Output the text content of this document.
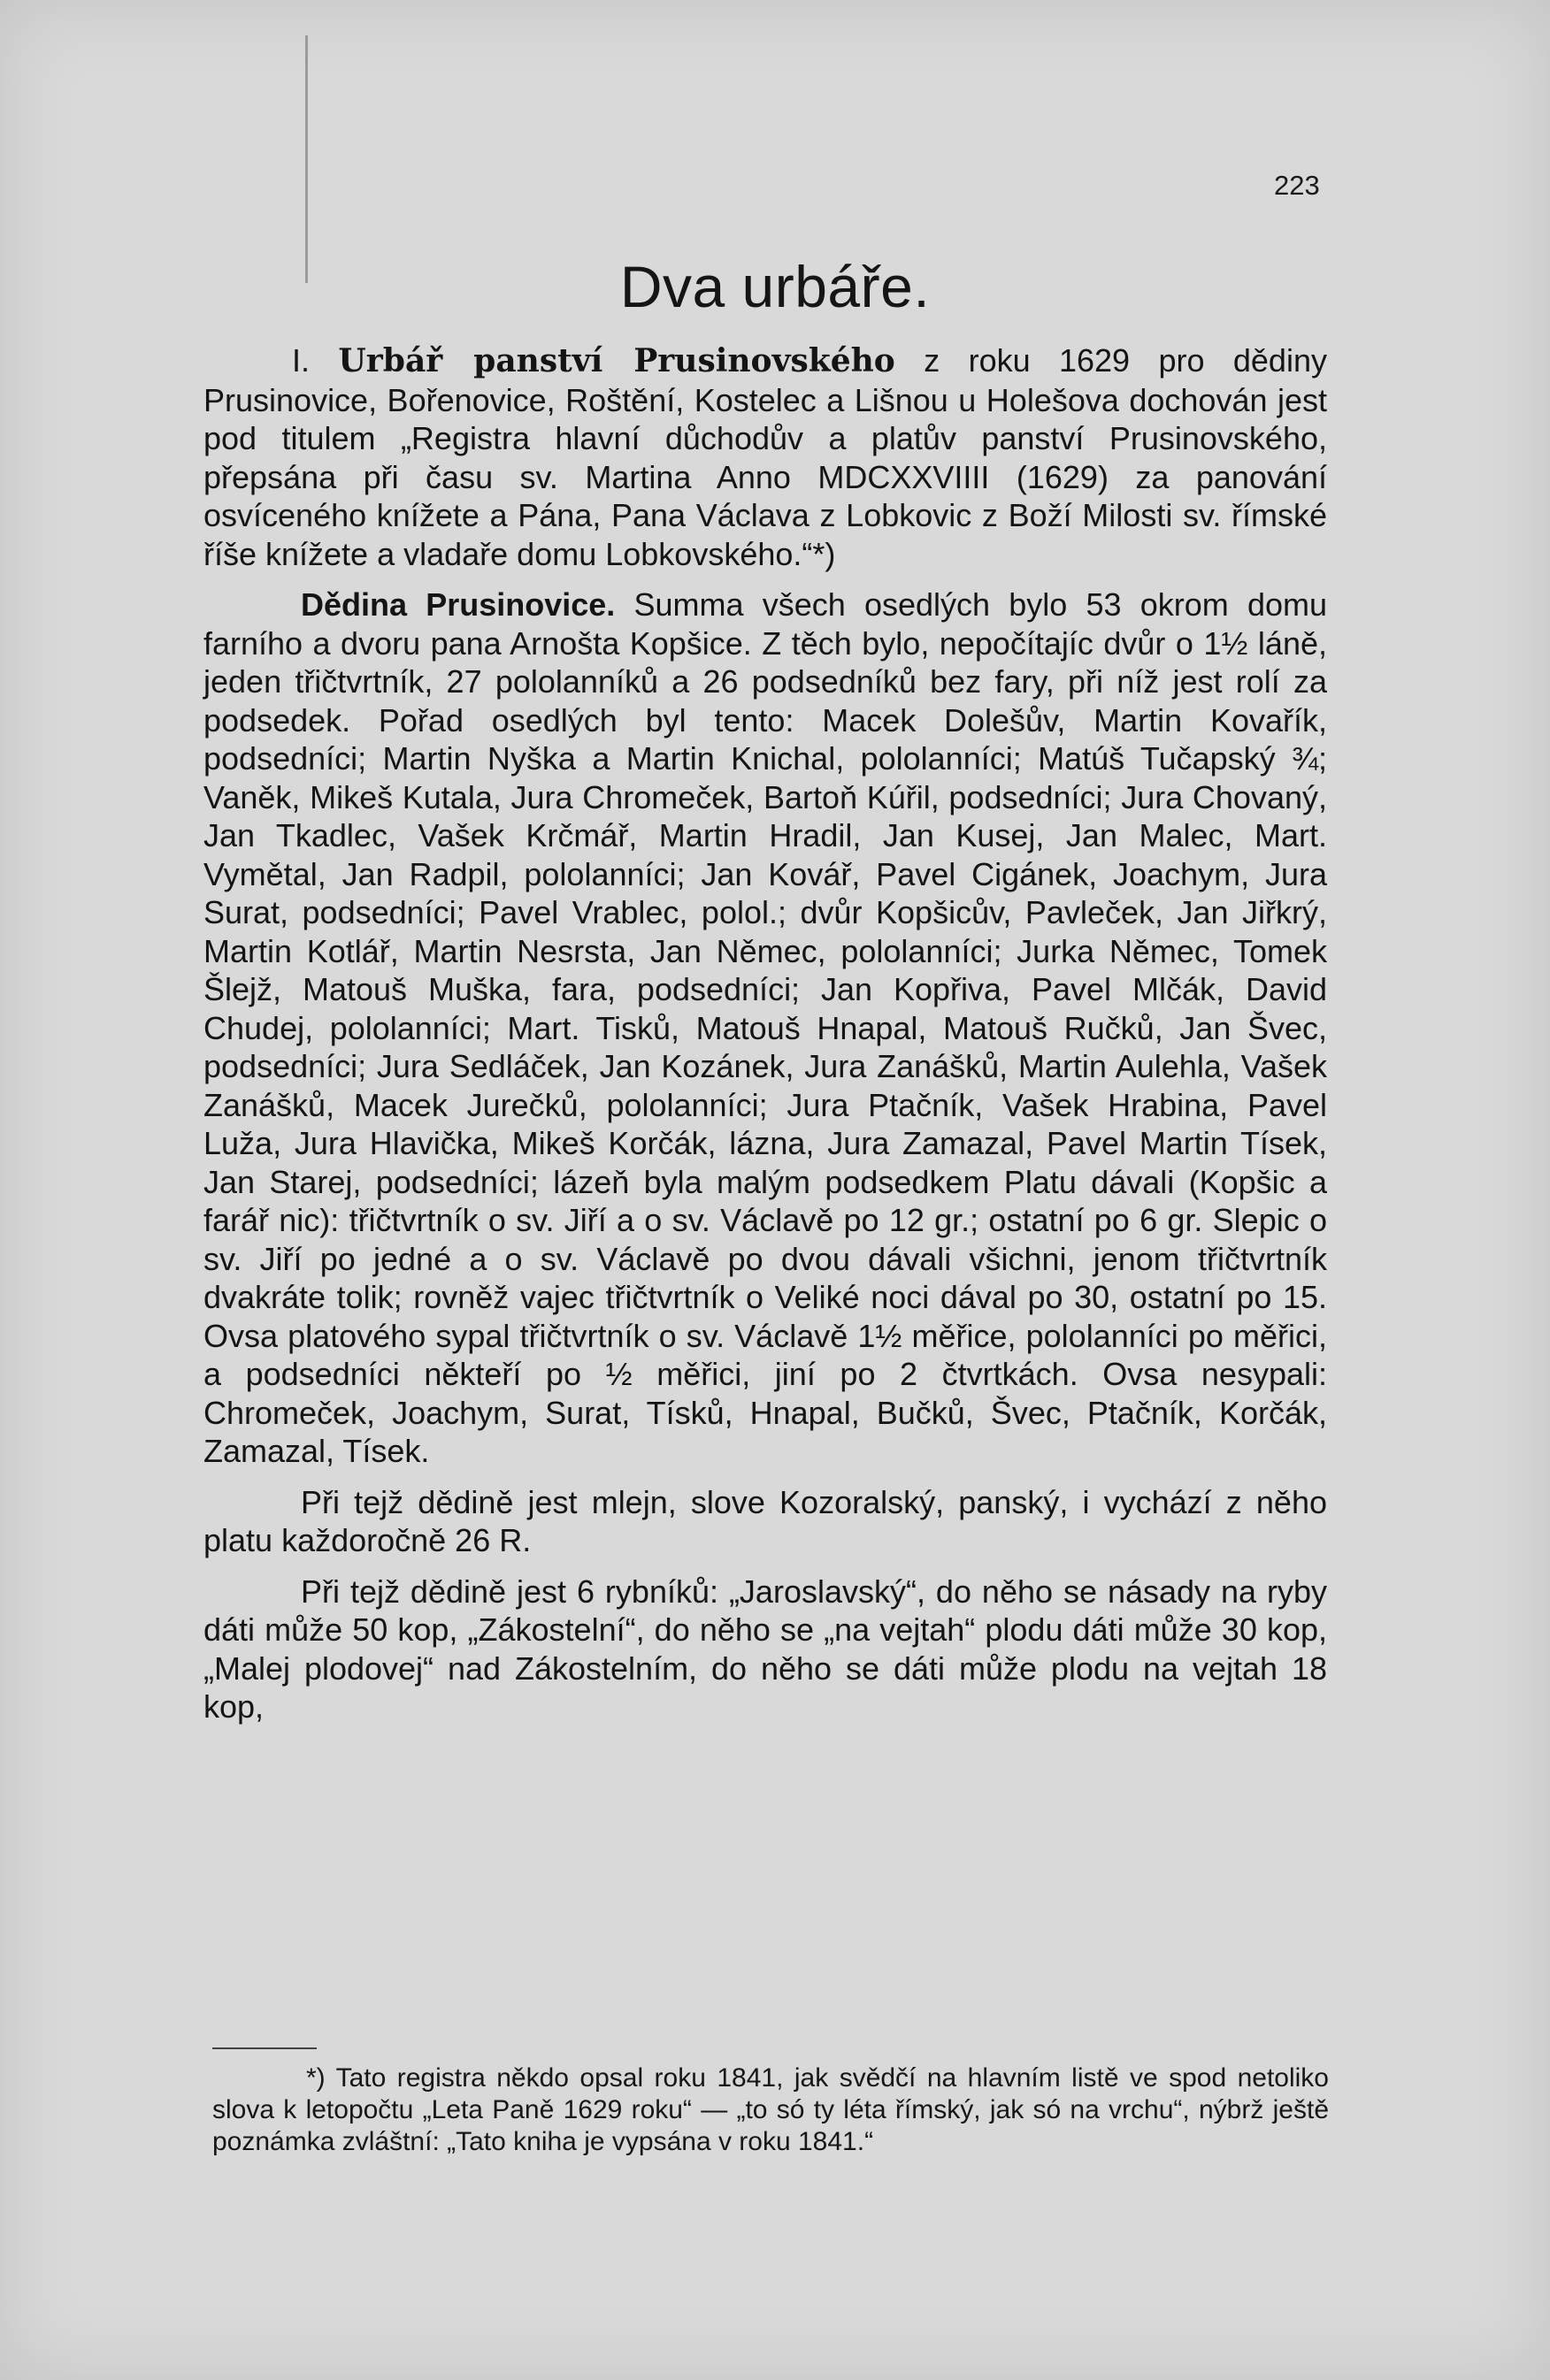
223
Dva urbáře.

I. Urbář panství Prusinovského z roku 1629 pro dědiny Prusinovice, Bořenovice, Roštění, Kostelec a Lišnou u Holešova dochován jest pod titulem „Registra hlavní důchodův a platův panství Prusinovského, přepsána při času sv. Martina Anno MDCXXVIIII (1629) za panování osvíceného knížete a Pána, Pana Václava z Lobkovic z Boží Milosti sv. římské říše knížete a vladaře domu Lobkovského.“*)

Dědina Prusinovice. Summa všech osedlých bylo 53 okrom domu farního a dvoru pana Arnošta Kopšice. Z těch bylo, nepočítajíc dvůr o 1½ láně, jeden třičtvrtník, 27 pololanníků a 26 podsedníků bez fary, při níž jest rolí za podsedek. Pořad osedlých byl tento: Macek Dolešův, Martin Kovařík, podsedníci; Martin Nyška a Martin Knichal, pololanníci; Matúš Tučapský ¾; Vaněk, Mikeš Kutala, Jura Chromeček, Bartoň Kúřil, podsedníci; Jura Chovaný, Jan Tkadlec, Vašek Krčmář, Martin Hradil, Jan Kusej, Jan Malec, Mart. Vymětal, Jan Radpil, pololanníci; Jan Kovář, Pavel Cigánek, Joachym, Jura Surat, podsedníci; Pavel Vrablec, polol.; dvůr Kopšicův, Pavleček, Jan Jiřkrý, Martin Kotlář, Martin Nesrsta, Jan Němec, pololanníci; Jurka Němec, Tomek Šlejž, Matouš Muška, fara, podsedníci; Jan Kopřiva, Pavel Mlčák, David Chudej, pololanníci; Mart. Tisků, Matouš Hnapal, Matouš Ručků, Jan Švec, podsedníci; Jura Sedláček, Jan Kozánek, Jura Zanášků, Martin Aulehla, Vašek Zanášků, Macek Jurečků, pololanníci; Jura Ptačník, Vašek Hrabina, Pavel Luža, Jura Hlavička, Mikeš Korčák, lázna, Jura Zamazal, Pavel Martin Tísek, Jan Starej, podsedníci; lázeň byla malým podsedkem Platu dávali (Kopšic a farář nic): třičtvrtník o sv. Jiří a o sv. Václavě po 12 gr.; ostatní po 6 gr. Slepic o sv. Jiří po jedné a o sv. Václavě po dvou dávali všichni, jenom třičtvrtník dvakráte tolik; rovněž vajec třičtvrtník o Veliké noci dával po 30, ostatní po 15. Ovsa platového sypal třičtvrtník o sv. Václavě 1½ měřice, pololanníci po měřici, a podsedníci někteří po ½ měřici, jiní po 2 čtvrtkách. Ovsa nesypali: Chromeček, Joachym, Surat, Tísků, Hnapal, Bučků, Švec, Ptačník, Korčák, Zamazal, Tísek.

Při tejž dědině jest mlejn, slove Kozoralský, panský, i vychází z něho platu každoročně 26 R.

Při tejž dědině jest 6 rybníků: „Jaroslavský“, do něho se násady na ryby dáti může 50 kop, „Zákostelní“, do něho se „na vejtah“ plodu dáti může 30 kop, „Malej plodovej“ nad Zákostelním, do něho se dáti může plodu na vejtah 18 kop,

*) Tato registra někdo opsal roku 1841, jak svědčí na hlavním listě ve spod netoliko slova k letopočtu „Leta Paně 1629 roku“ — „to só ty léta římský, jak só na vrchu“, nýbrž ještě poznámka zvláštní: „Tato kniha je vypsána v roku 1841.“
